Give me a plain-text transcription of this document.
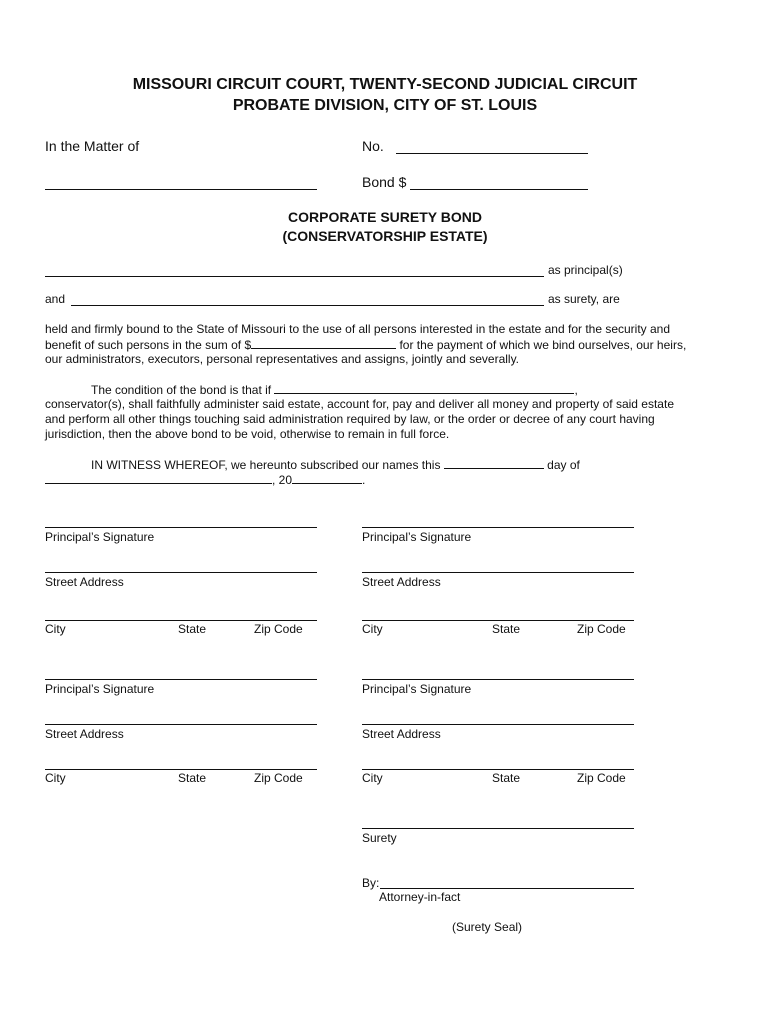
MISSOURI CIRCUIT COURT, TWENTY-SECOND JUDICIAL CIRCUIT
PROBATE DIVISION, CITY OF ST. LOUIS
In the Matter of	No.
Bond $
CORPORATE SURETY BOND
(CONSERVATORSHIP ESTATE)
as principal(s)
and	as surety, are
held and firmly bound to the State of Missouri to the use of all persons interested in the estate and for the security and
benefit of such persons in the sum of $	for the payment of which we bind ourselves, our heirs,
our administrators, executors, personal representatives and assigns, jointly and severally.
The condition of the bond is that if	,
conservator(s), shall faithfully administer said estate, account for, pay and deliver all money and property of said estate
and perform all other things touching said administration required by law, or the order or decree of any court having
jurisdiction, then the above bond to be void, otherwise to remain in full force.
IN WITNESS WHEREOF, we hereunto subscribed our names this	day of
, 20	.
Principal’s Signature
Street Address
City	State	Zip Code
Principal’s Signature
Street Address
City	State	Zip Code
Principal’s Signature
Street Address
City	State	Zip Code
Principal’s Signature
Street Address
City	State	Zip Code
Surety
By:
Attorney-in-fact
(Surety Seal)
